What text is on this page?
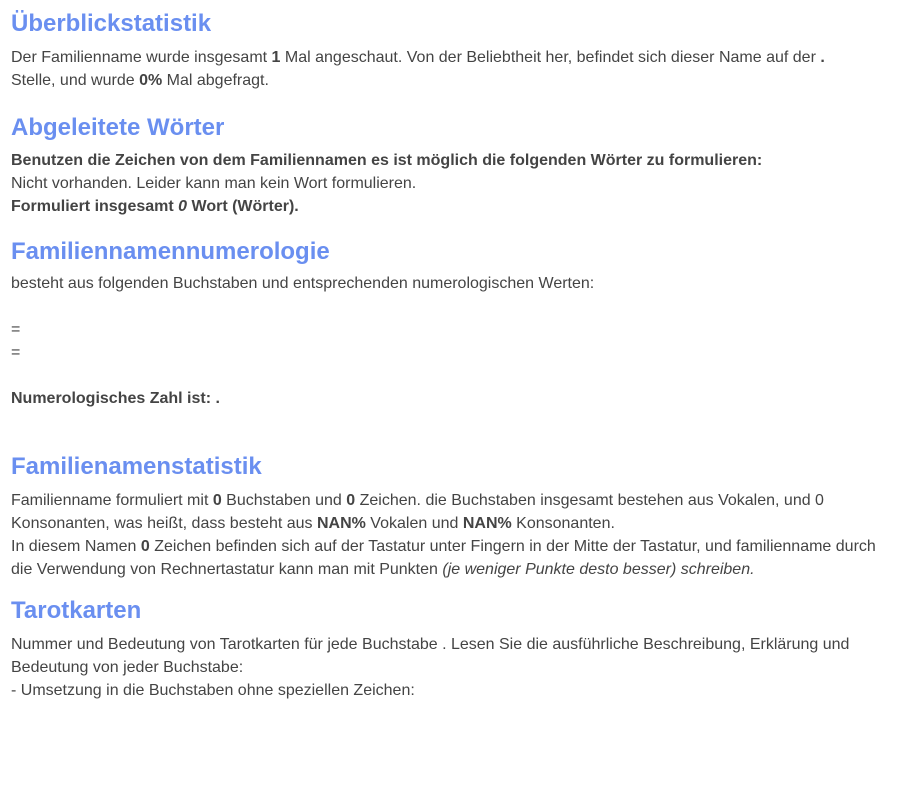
Überblickstatistik

Der Familienname wurde insgesamt 1 Mal angeschaut. Von der Beliebtheit her, befindet sich dieser Name auf der .
Stelle, und wurde 0% Mal abgefragt.

Abgeleitete Wörter

Benutzen die Zeichen von dem Familiennamen es ist möglich die folgenden Wörter zu formulieren:
Nicht vorhanden. Leider kann man kein Wort formulieren.
Formuliert insgesamt 0 Wort (Wörter).

Familiennamennumerologie

besteht aus folgenden Buchstaben und entsprechenden numerologischen Werten:

=
=

Numerologisches Zahl ist: .

Familienamenstatistik

Familienname formuliert mit 0 Buchstaben und 0 Zeichen. die Buchstaben insgesamt bestehen aus Vokalen, und 0 Konsonanten, was heißt, dass besteht aus NAN% Vokalen und NAN% Konsonanten.
In diesem Namen 0 Zeichen befinden sich auf der Tastatur unter Fingern in der Mitte der Tastatur, und familienname durch die Verwendung von Rechnertastatur kann man mit Punkten (je weniger Punkte desto besser) schreiben.

Tarotkarten

Nummer und Bedeutung von Tarotkarten für jede Buchstabe . Lesen Sie die ausführliche Beschreibung, Erklärung und Bedeutung von jeder Buchstabe:
- Umsetzung in die Buchstaben ohne speziellen Zeichen:
